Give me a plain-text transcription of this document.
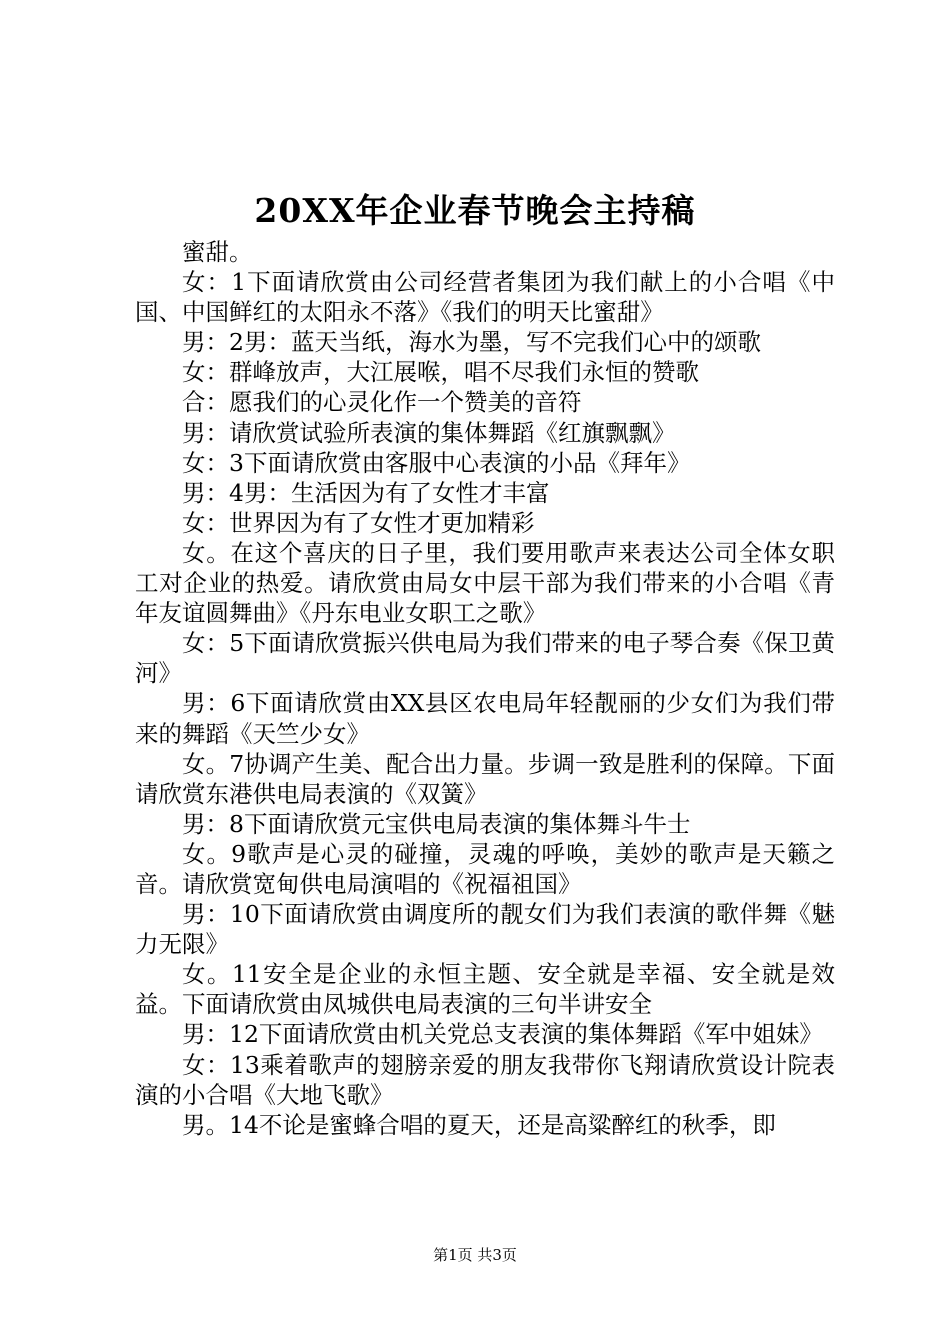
20XX年企业春节晚会主持稿

蜜甜。

女：1下面请欣赏由公司经营者集团为我们献上的小合唱《中国、中国鲜红的太阳永不落》《我们的明天比蜜甜》

男：2男：蓝天当纸，海水为墨，写不完我们心中的颂歌

女：群峰放声，大江展喉，唱不尽我们永恒的赞歌

合：愿我们的心灵化作一个赞美的音符

男：请欣赏试验所表演的集体舞蹈《红旗飘飘》

女：3下面请欣赏由客服中心表演的小品《拜年》

男：4男：生活因为有了女性才丰富

女：世界因为有了女性才更加精彩

女。在这个喜庆的日子里，我们要用歌声来表达公司全体女职工对企业的热爱。请欣赏由局女中层干部为我们带来的小合唱《青年友谊圆舞曲》《丹东电业女职工之歌》

女：5下面请欣赏振兴供电局为我们带来的电子琴合奏《保卫黄河》

男：6下面请欣赏由XX县区农电局年轻靓丽的少女们为我们带来的舞蹈《天竺少女》

女。7协调产生美、配合出力量。步调一致是胜利的保障。下面请欣赏东港供电局表演的《双簧》

男：8下面请欣赏元宝供电局表演的集体舞斗牛士

女。9歌声是心灵的碰撞，灵魂的呼唤，美妙的歌声是天籁之音。请欣赏宽甸供电局演唱的《祝福祖国》

男：10下面请欣赏由调度所的靓女们为我们表演的歌伴舞《魅力无限》

女。11安全是企业的永恒主题、安全就是幸福、安全就是效益。下面请欣赏由凤城供电局表演的三句半讲安全

男：12下面请欣赏由机关党总支表演的集体舞蹈《军中姐妹》

女：13乘着歌声的翅膀亲爱的朋友我带你飞翔请欣赏设计院表演的小合唱《大地飞歌》

男。14不论是蜜蜂合唱的夏天，还是高粱醉红的秋季，即

第1页 共3页
